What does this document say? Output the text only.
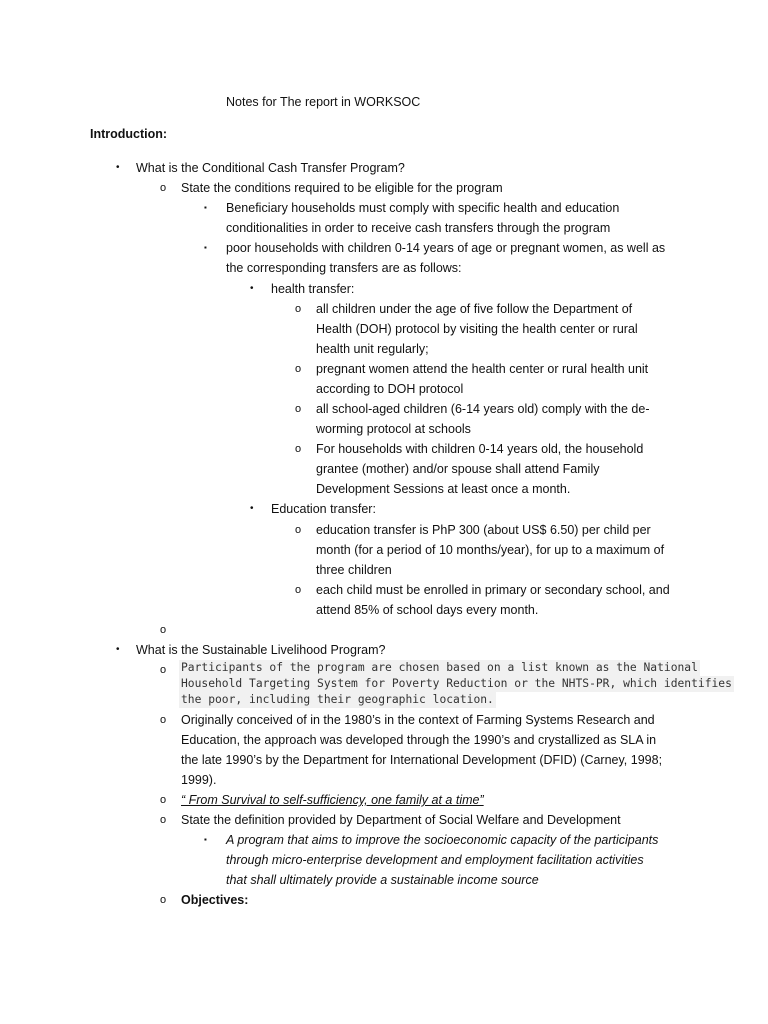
Notes for The report in WORKSOC
Introduction:
• What is the Conditional Cash Transfer Program?
o State the conditions required to be eligible for the program
▪ Beneficiary households must comply with specific health and education
conditionalities in order to receive cash transfers through the program
▪ poor households with children 0-14 years of age or pregnant women, as well as
the corresponding transfers are as follows:
• health transfer:
o all children under the age of five follow the Department of
Health (DOH) protocol by visiting the health center or rural
health unit regularly;
o pregnant women attend the health center or rural health unit
according to DOH protocol
o all school-aged children (6-14 years old) comply with the de-
worming protocol at schools
o For households with children 0-14 years old, the household
grantee (mother) and/or spouse shall attend Family
Development Sessions at least once a month.
• Education transfer:
o education transfer is PhP 300 (about US$ 6.50) per child per
month (for a period of 10 months/year), for up to a maximum of
three children
o each child must be enrolled in primary or secondary school, and
attend 85% of school days every month.
o
• What is the Sustainable Livelihood Program?
o Participants of the program are chosen based on a list known as the National
Household Targeting System for Poverty Reduction or the NHTS-PR, which identifies
the poor, including their geographic location.
o Originally conceived of in the 1980’s in the context of Farming Systems Research and
Education, the approach was developed through the 1990’s and crystallized as SLA in
the late 1990’s by the Department for International Development (DFID) (Carney, 1998;
1999).
o “ From Survival to self-sufficiency, one family at a time”
o State the definition provided by Department of Social Welfare and Development
▪ A program that aims to improve the socioeconomic capacity of the participants
through micro-enterprise development and employment facilitation activities
that shall ultimately provide a sustainable income source
o Objectives:
